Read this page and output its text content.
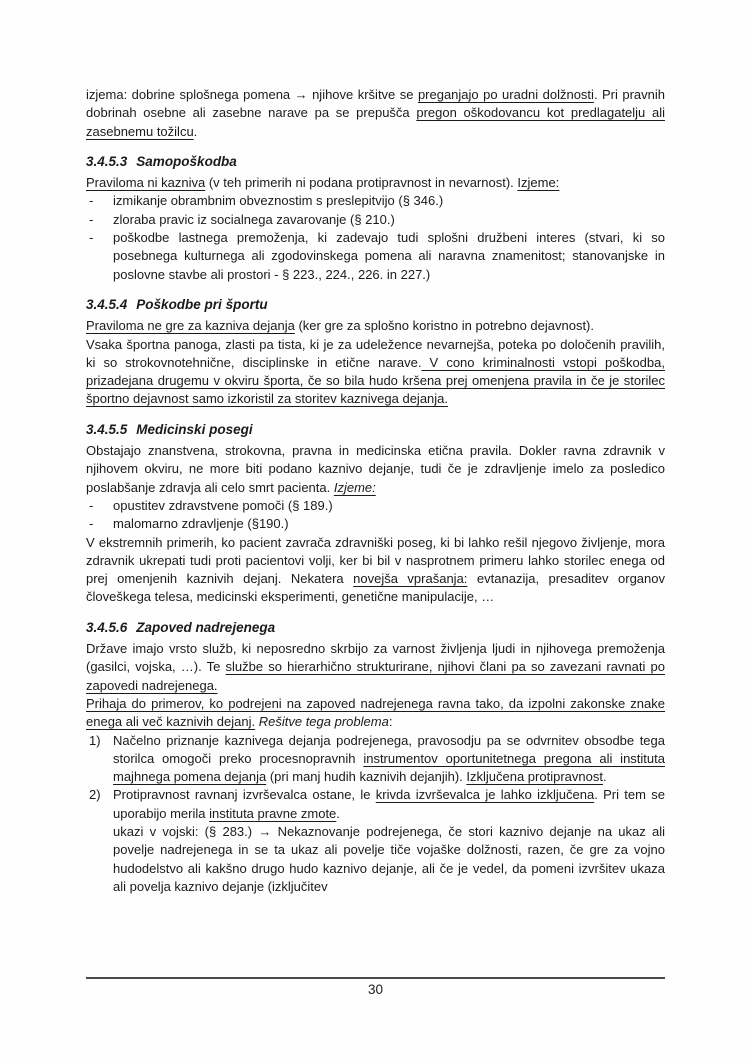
izjema: dobrine splošnega pomena → njihove kršitve se preganjajo po uradni dolžnosti. Pri pravnih dobrinah osebne ali zasebne narave pa se prepušča pregon oškodovancu kot predlagatelju ali zasebnemu tožilcu.
3.4.5.3 Samopoškodba
Praviloma ni kazniva (v teh primerih ni podana protipravnost in nevarnost). Izjeme:
- izmikanje obrambnim obveznostim s preslepitvijo (§ 346.)
- zloraba pravic iz socialnega zavarovanje (§ 210.)
- poškodbe lastnega premoženja, ki zadevajo tudi splošni družbeni interes (stvari, ki so posebnega kulturnega ali zgodovinskega pomena ali naravna znamenitost; stanovanjske in poslovne stavbe ali prostori - § 223., 224., 226. in 227.)
3.4.5.4 Poškodbe pri športu
Praviloma ne gre za kazniva dejanja (ker gre za splošno koristno in potrebno dejavnost).
Vsaka športna panoga, zlasti pa tista, ki je za udeležence nevarnejša, poteka po določenih pravilih, ki so strokovnotehnične, disciplinske in etične narave. V cono kriminalnosti vstopi poškodba, prizadejana drugemu v okviru športa, če so bila hudo kršena prej omenjena pravila in če je storilec športno dejavnost samo izkoristil za storitev kaznivega dejanja.
3.4.5.5 Medicinski posegi
Obstajajo znanstvena, strokovna, pravna in medicinska etična pravila. Dokler ravna zdravnik v njihovem okviru, ne more biti podano kaznivo dejanje, tudi če je zdravljenje imelo za posledico poslabšanje zdravja ali celo smrt pacienta. Izjeme:
- opustitev zdravstvene pomoči (§ 189.)
- malomarno zdravljenje (§190.)
V ekstremnih primerih, ko pacient zavrača zdravniški poseg, ki bi lahko rešil njegovo življenje, mora zdravnik ukrepati tudi proti pacientovi volji, ker bi bil v nasprotnem primeru lahko storilec enega od prej omenjenih kaznivih dejanj. Nekatera novejša vprašanja: evtanazija, presaditev organov človeškega telesa, medicinski eksperimenti, genetične manipulacije, …
3.4.5.6 Zapoved nadrejenega
Države imajo vrsto služb, ki neposredno skrbijo za varnost življenja ljudi in njihovega premoženja (gasilci, vojska, …). Te službe so hierarhično strukturirane, njihovi člani pa so zavezani ravnati po zapovedi nadrejenega.
Prihaja do primerov, ko podrejeni na zapoved nadrejenega ravna tako, da izpolni zakonske znake enega ali več kaznivih dejanj. Rešitve tega problema:
1) Načelno priznanje kaznivega dejanja podrejenega, pravosodju pa se odvrnitev obsodbe tega storilca omogoči preko procesnopravnih instrumentov oportunitetnega pregona ali instituta majhnega pomena dejanja (pri manj hudih kaznivih dejanjih). Izključena protipravnost.
2) Protipravnost ravnanj izvrševalca ostane, le krivda izvrševalca je lahko izključena. Pri tem se uporabijo merila instituta pravne zmote.
ukazi v vojski: (§ 283.) → Nekaznovanje podrejenega, če stori kaznivo dejanje na ukaz ali povelje nadrejenega in se ta ukaz ali povelje tiče vojaške dolžnosti, razen, če gre za vojno hudodelstvo ali kakšno drugo hudo kaznivo dejanje, ali če je vedel, da pomeni izvršitev ukaza ali povelja kaznivo dejanje (izključitev
30
